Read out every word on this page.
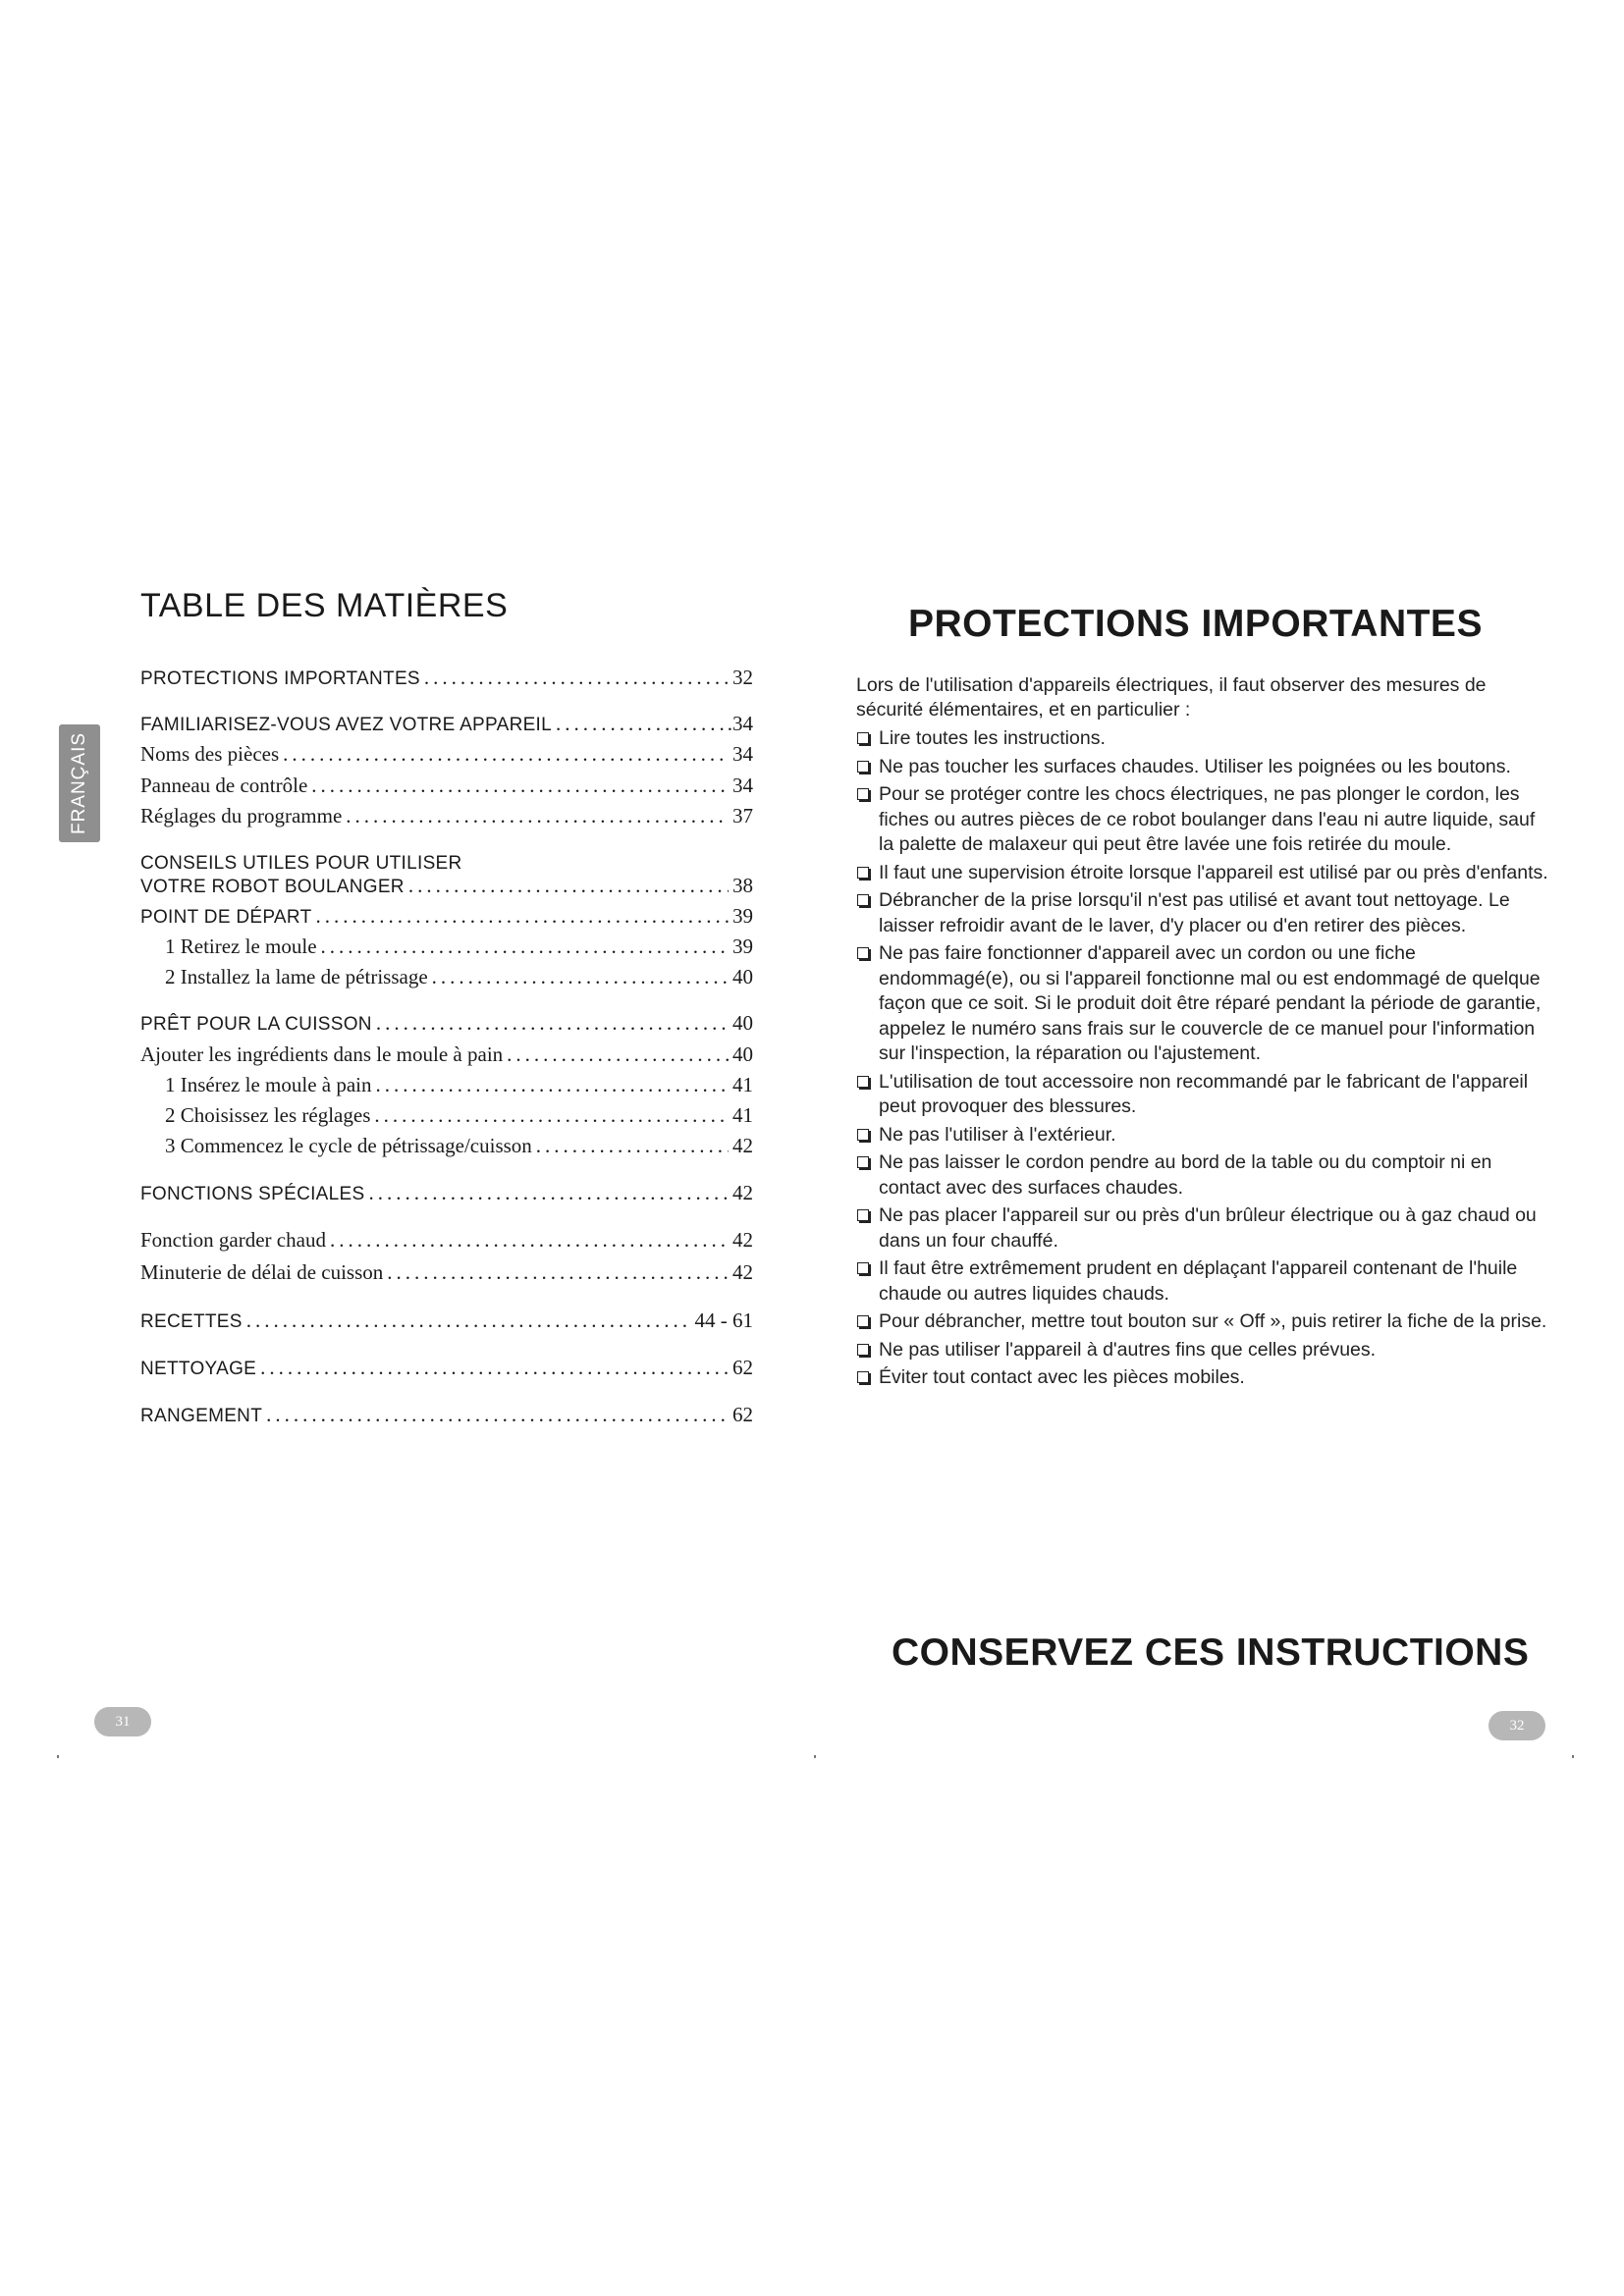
TABLE DES MATIÈRES
FRANÇAIS
PROTECTIONS IMPORTANTES .....	32
FAMILIARISEZ-VOUS AVEZ VOTRE APPAREIL .....	.34
Noms des pièces .....	34
Panneau de contrôle .....	34
Réglages du programme .....	37
CONSEILS UTILES POUR UTILISER
VOTRE ROBOT BOULANGER .....	38
POINT DE DÉPART .....	39
1 Retirez le moule .....	39
2 Installez la lame de pétrissage .....	40
PRÊT POUR LA CUISSON .....	40
Ajouter les ingrédients dans le moule à pain .....	40
1 Insérez le moule à pain .....	41
2 Choisissez les réglages .....	41
3 Commencez le cycle de pétrissage/cuisson .....	42
FONCTIONS SPÉCIALES .....	42
Fonction garder chaud .....	42
Minuterie de délai de cuisson .....	42
RECETTES .....	44 - 61
NETTOYAGE .....	62
RANGEMENT .....	62
31
PROTECTIONS IMPORTANTES
Lors de l'utilisation d'appareils électriques, il faut observer des mesures de sécurité élémentaires, et en particulier :
Lire toutes les instructions.
Ne pas toucher les surfaces chaudes. Utiliser les poignées ou les boutons.
Pour se protéger contre les chocs électriques, ne pas plonger le cordon, les fiches ou autres pièces de ce robot boulanger dans l'eau ni autre liquide, sauf la palette de malaxeur qui peut être lavée une fois retirée du moule.
Il faut une supervision étroite lorsque l'appareil est utilisé par ou près d'enfants.
Débrancher de la prise lorsqu'il n'est pas utilisé et avant tout nettoyage. Le laisser refroidir avant de le laver, d'y placer ou d'en retirer des pièces.
Ne pas faire fonctionner d'appareil avec un cordon ou une fiche endommagé(e), ou si l'appareil fonctionne mal ou est endommagé de quelque façon que ce soit. Si le produit doit être réparé pendant la période de garantie, appelez le numéro sans frais sur le couvercle de ce manuel pour l'information sur l'inspection, la réparation ou l'ajustement.
L'utilisation de tout accessoire non recommandé par le fabricant de l'appareil peut provoquer des blessures.
Ne pas l'utiliser à l'extérieur.
Ne pas laisser le cordon pendre au bord de la table ou du comptoir ni en contact avec des surfaces chaudes.
Ne pas placer l'appareil sur ou près d'un brûleur électrique ou à gaz chaud ou dans un four chauffé.
Il faut être extrêmement prudent en déplaçant l'appareil contenant de l'huile chaude ou autres liquides chauds.
Pour débrancher, mettre tout bouton sur « Off », puis retirer la fiche de la prise.
Ne pas utiliser l'appareil à d'autres fins que celles prévues.
Éviter tout contact avec les pièces mobiles.
CONSERVEZ CES INSTRUCTIONS
32
